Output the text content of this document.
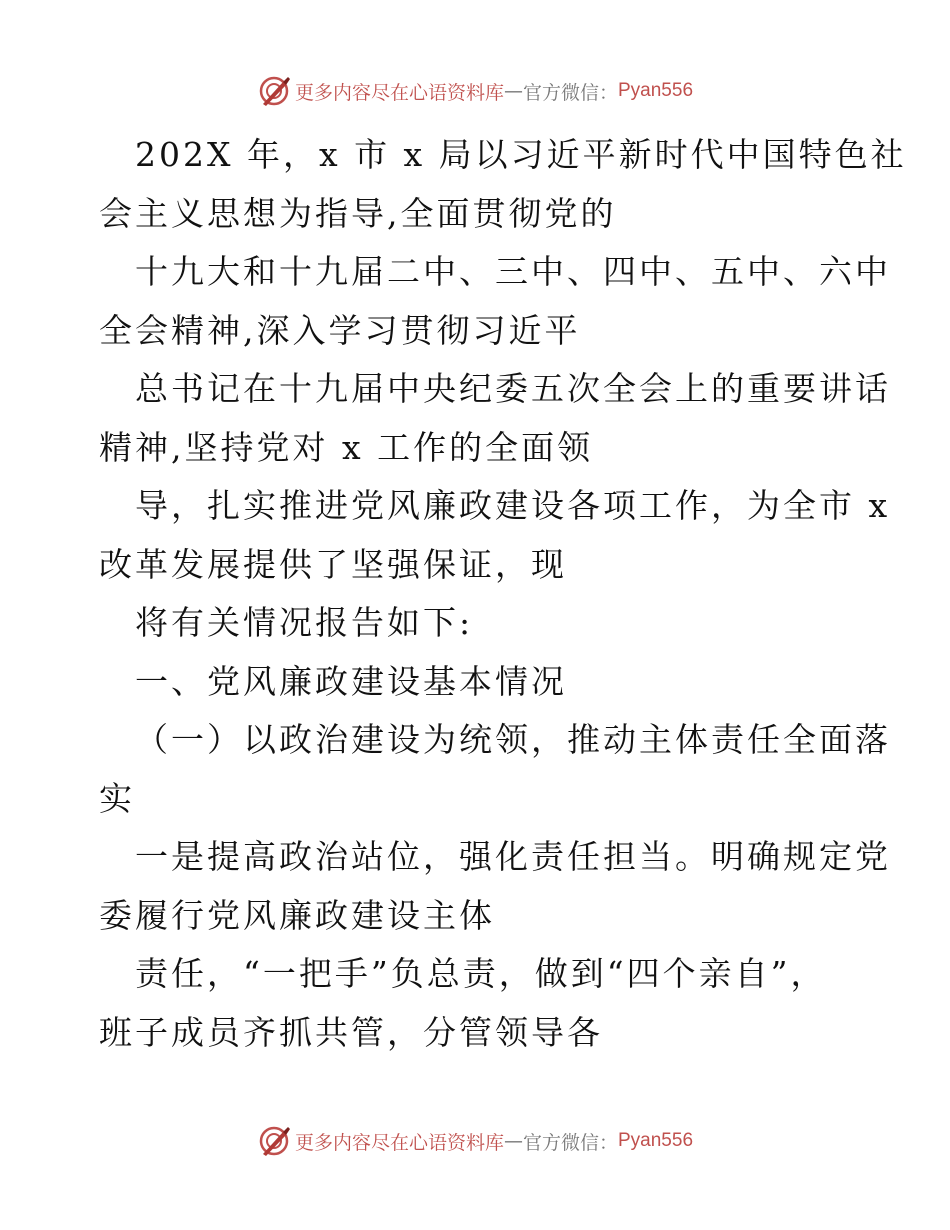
更多内容尽在心语资料库 — 官方微信： Pyan556
202X 年，x 市 x 局以习近平新时代中国特色社
会主义思想为指导,全面贯彻党的
十九大和十九届二中、三中、四中、五中、六中
全会精神,深入学习贯彻习近平
总书记在十九届中央纪委五次全会上的重要讲话
精神,坚持党对 x 工作的全面领
导，扎实推进党风廉政建设各项工作，为全市 x
改革发展提供了坚强保证，现
将有关情况报告如下:
一、党风廉政建设基本情况
（一）以政治建设为统领，推动主体责任全面落
实
一是提高政治站位，强化责任担当。明确规定党
委履行党风廉政建设主体
责任，“一把手”负总责，做到“四个亲自”，
班子成员齐抓共管，分管领导各
更多内容尽在心语资料库 — 官方微信： Pyan556
